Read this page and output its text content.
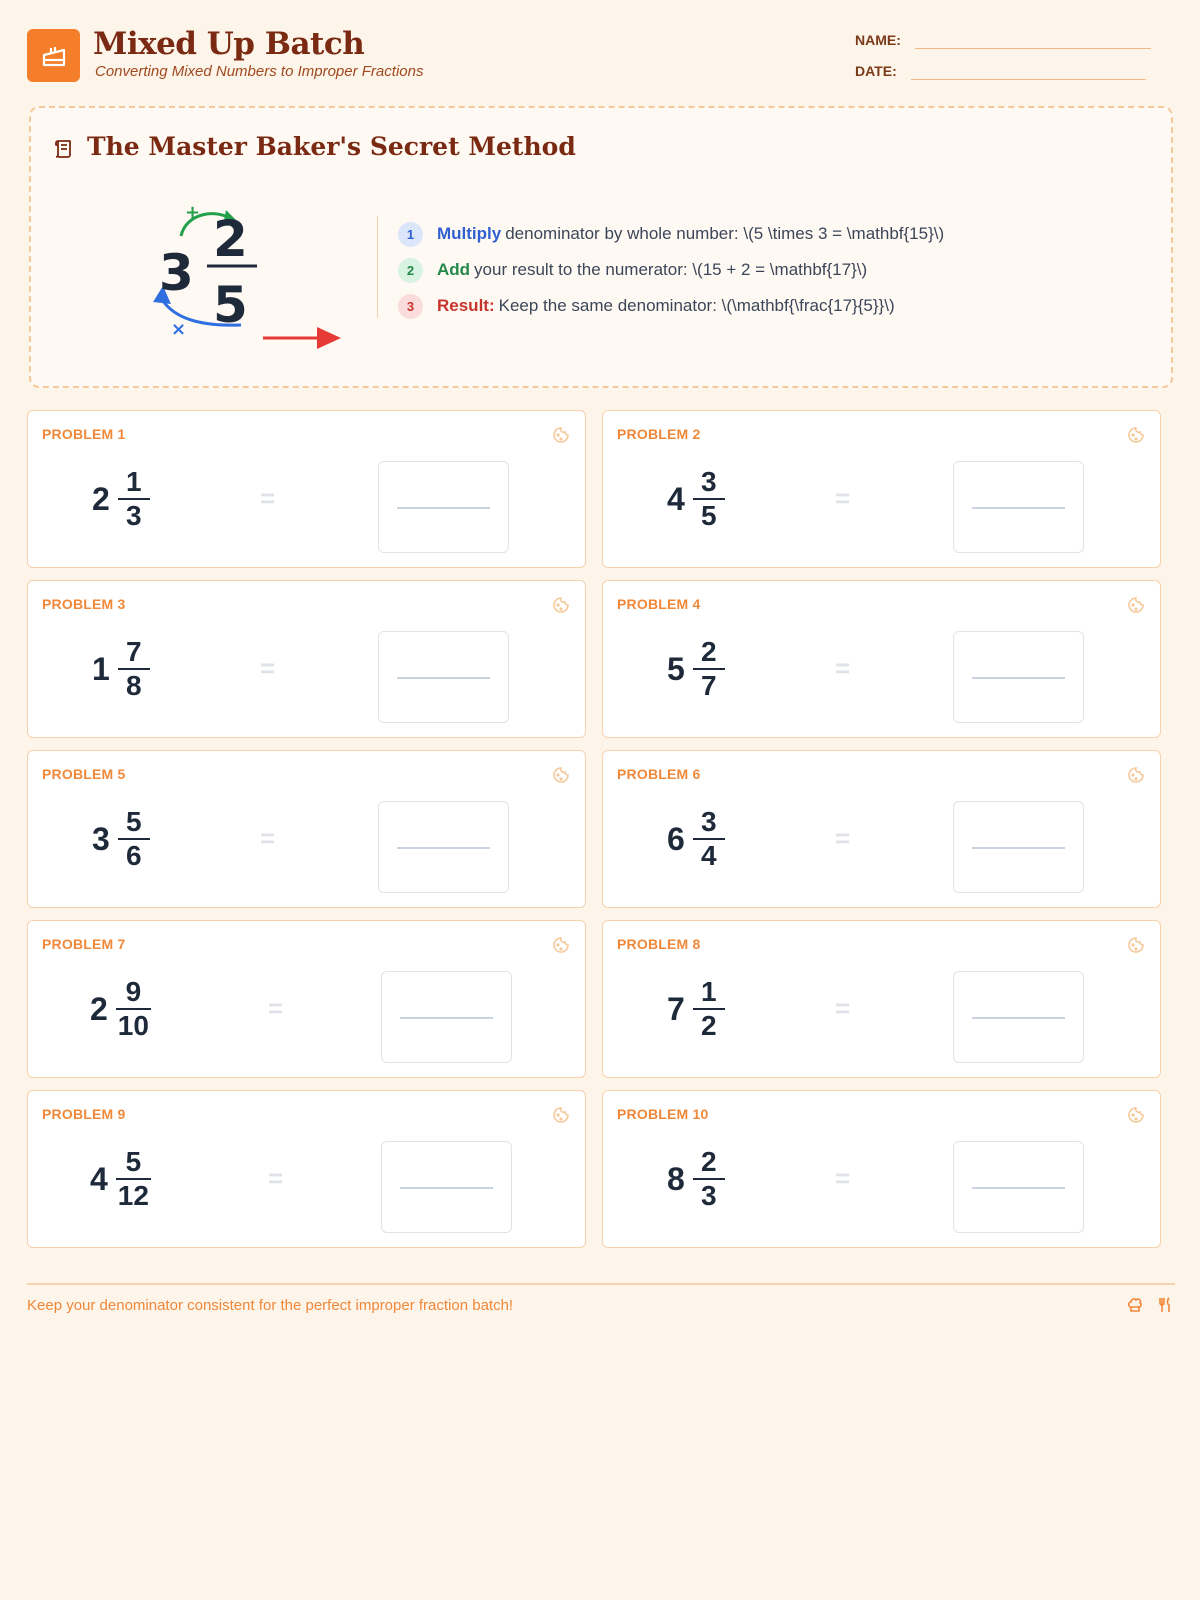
Mixed Up Batch
Converting Mixed Numbers to Improper Fractions
NAME:
DATE:
The Master Baker's Secret Method
+
×
3
2
5
1	Multiply denominator by whole number: \(5 \times 3 = \mathbf{15}\)
2	Add your result to the numerator: \(15 + 2 = \mathbf{17}\)
3	Result: Keep the same denominator: \(\mathbf{\frac{17}{5}}\)
PROBLEM 1
$2 \frac{1}{3}$	=
PROBLEM 2
$4 \frac{3}{5}$	=
PROBLEM 3
$1 \frac{7}{8}$	=
PROBLEM 4
$5 \frac{2}{7}$	=
PROBLEM 5
$3 \frac{5}{6}$	=
PROBLEM 6
$6 \frac{3}{4}$	=
PROBLEM 7
$2 \frac{9}{10}$	=
PROBLEM 8
$7 \frac{1}{2}$	=
PROBLEM 9
$4 \frac{5}{12}$	=
PROBLEM 10
$8 \frac{2}{3}$	=
Keep your denominator consistent for the perfect improper fraction batch!
